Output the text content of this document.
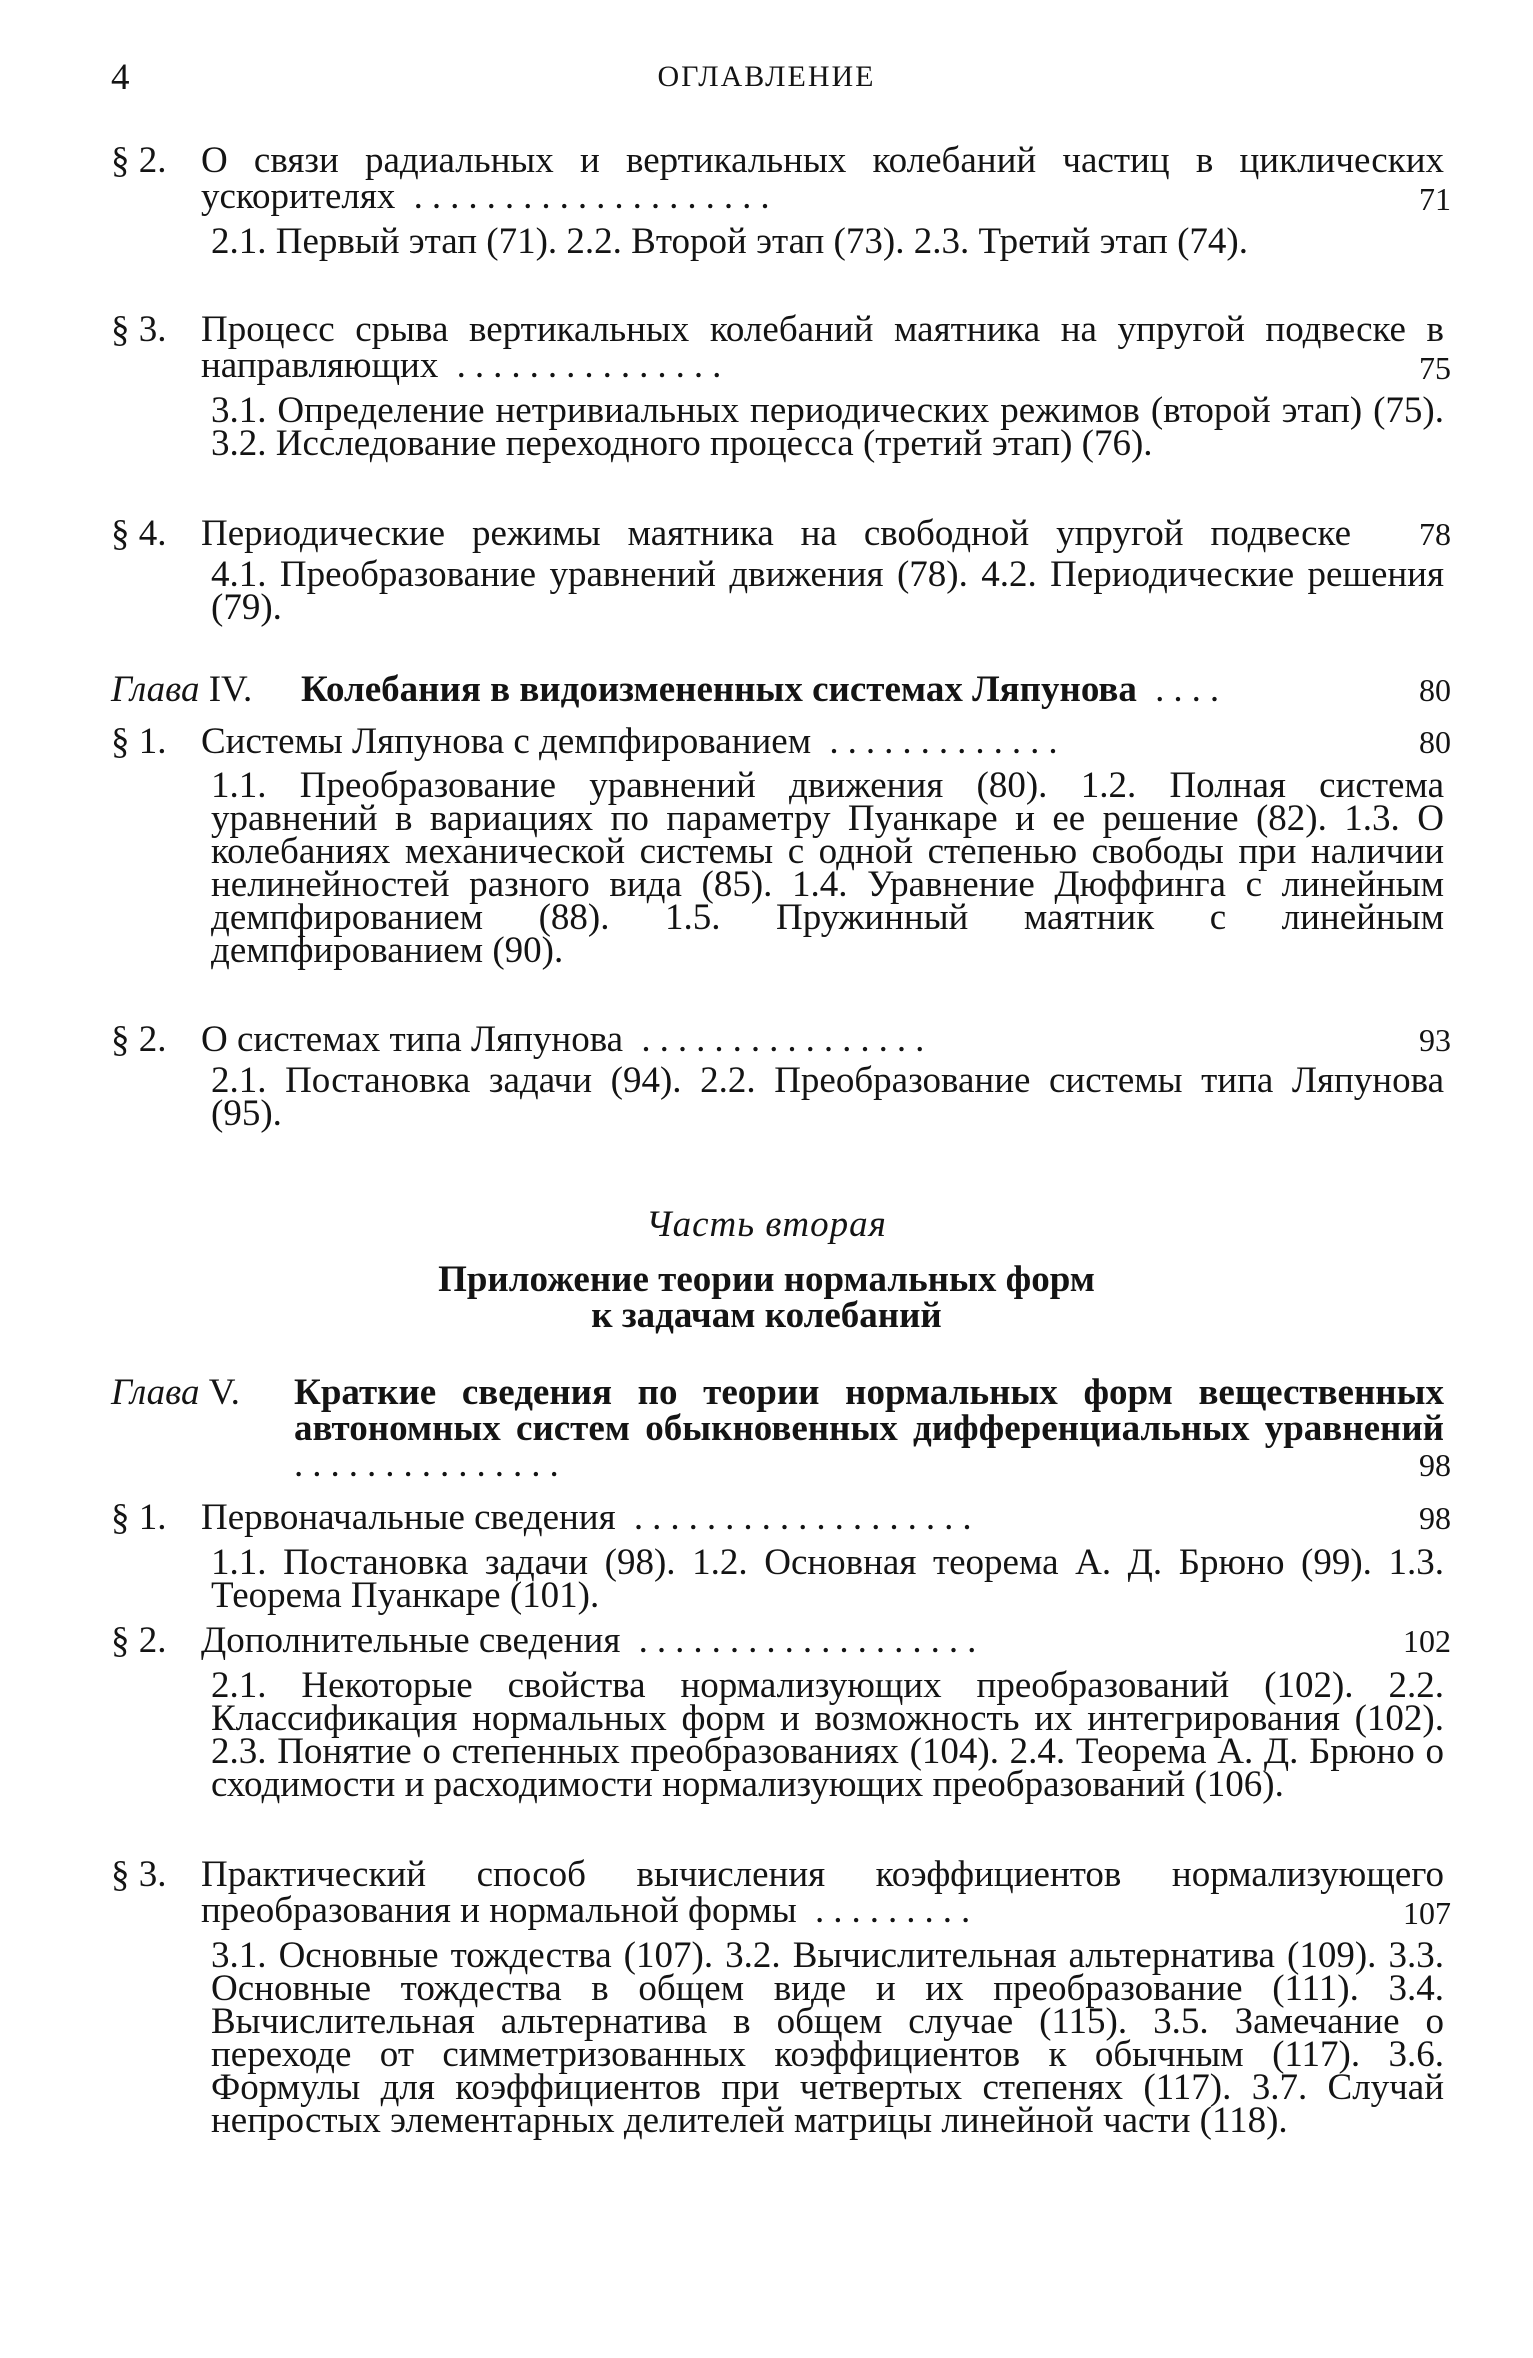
4	ОГЛАВЛЕНИЕ
§ 2. О связи радиальных и вертикальных колебаний частиц в циклических ускорителях ....................	71
2.1. Первый этап (71). 2.2. Второй этап (73). 2.3. Третий этап (74).
§ 3. Процесс срыва вертикальных колебаний маятника на упругой подвеске в направляющих ...............	75
3.1. Определение нетривиальных периодических режимов (второй этап) (75). 3.2. Исследование переходного процесса (третий этап) (76).
§ 4. Периодические режимы маятника на свободной упругой подвеске 78
4.1. Преобразование уравнений движения (78). 4.2. Периодические решения (79).
Глава IV. Колебания в видоизмененных системах Ляпунова ....	80
§ 1. Системы Ляпунова с демпфированием .............	80
1.1. Преобразование уравнений движения (80). 1.2. Полная система уравнений в вариациях по параметру Пуанкаре и ее решение (82). 1.3. О колебаниях механической системы с одной степенью свободы при наличии нелинейностей разного вида (85). 1.4. Уравнение Дюффинга с линейным демпфированием (88). 1.5. Пружинный маятник с линейным демпфированием (90).
§ 2. О системах типа Ляпунова ................	93
2.1. Постановка задачи (94). 2.2. Преобразование системы типа Ляпунова (95).
Часть вторая
Приложение теории нормальных форм
к задачам колебаний
Глава V. Краткие сведения по теории нормальных форм вещественных автономных систем обыкновенных дифференциальных уравнений ...............	98
§ 1. Первоначальные сведения ...................	98
1.1. Постановка задачи (98). 1.2. Основная теорема А. Д. Брюно (99). 1.3. Теорема Пуанкаре (101).
§ 2. Дополнительные сведения ...................	102
2.1. Некоторые свойства нормализующих преобразований (102). 2.2. Классификация нормальных форм и возможность их интегрирования (102). 2.3. Понятие о степенных преобразованиях (104). 2.4. Теорема А. Д. Брюно о сходимости и расходимости нормализующих преобразований (106).
§ 3. Практический способ вычисления коэффициентов нормализующего преобразования и нормальной формы .........	107
3.1. Основные тождества (107). 3.2. Вычислительная альтернатива (109). 3.3. Основные тождества в общем виде и их преобразование (111). 3.4. Вычислительная альтернатива в общем случае (115). 3.5. Замечание о переходе от симметризованных коэффициентов к обычным (117). 3.6. Формулы для коэффициентов при четвертых степенях (117). 3.7. Случай непростых элементарных делителей матрицы линейной части (118).
